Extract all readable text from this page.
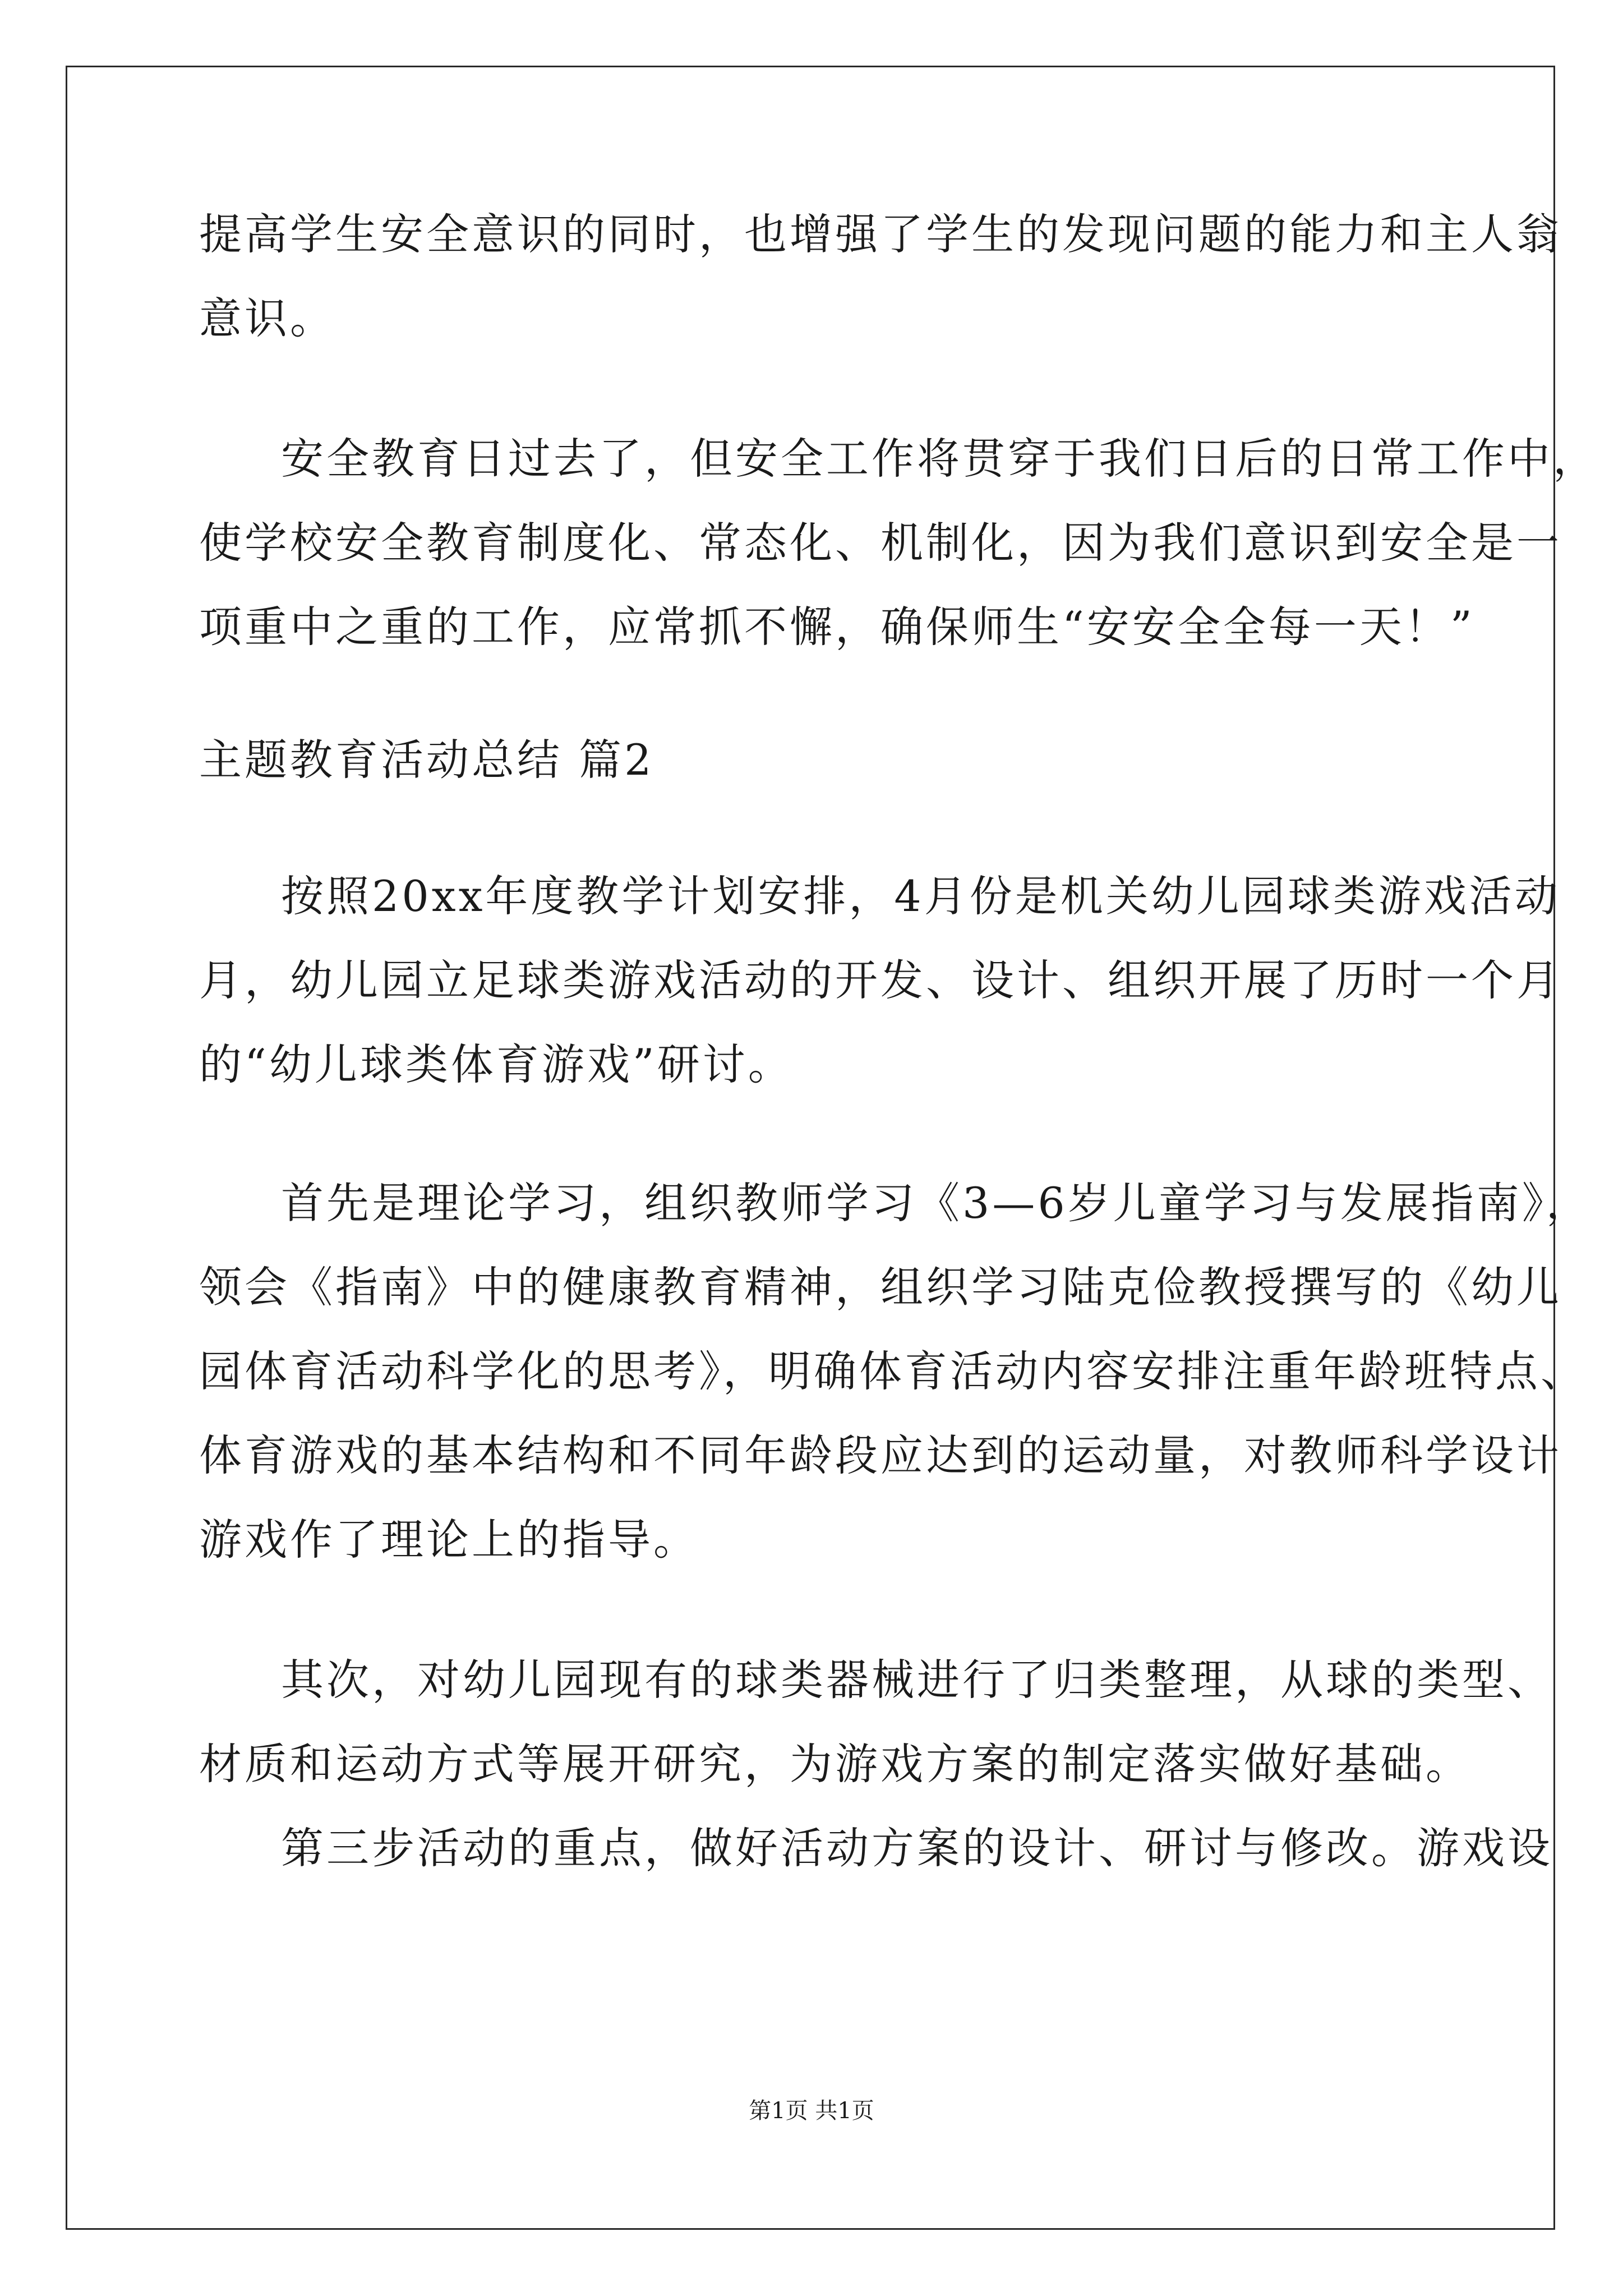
提高学生安全意识的同时，也增强了学生的发现问题的能力和主人翁
意识。
安全教育日过去了，但安全工作将贯穿于我们日后的日常工作中，
使学校安全教育制度化、常态化、机制化，因为我们意识到安全是一
项重中之重的工作，应常抓不懈，确保师生“安安全全每一天！”
主题教育活动总结 篇2
按照20xx年度教学计划安排，4月份是机关幼儿园球类游戏活动
月，幼儿园立足球类游戏活动的开发、设计、组织开展了历时一个月
的“幼儿球类体育游戏”研讨。
首先是理论学习，组织教师学习《3—6岁儿童学习与发展指南》，
领会《指南》中的健康教育精神，组织学习陆克俭教授撰写的《幼儿
园体育活动科学化的思考》，明确体育活动内容安排注重年龄班特点、
体育游戏的基本结构和不同年龄段应达到的运动量，对教师科学设计
游戏作了理论上的指导。
其次，对幼儿园现有的球类器械进行了归类整理，从球的类型、
材质和运动方式等展开研究，为游戏方案的制定落实做好基础。
第三步活动的重点，做好活动方案的设计、研讨与修改。游戏设
第1页 共1页
